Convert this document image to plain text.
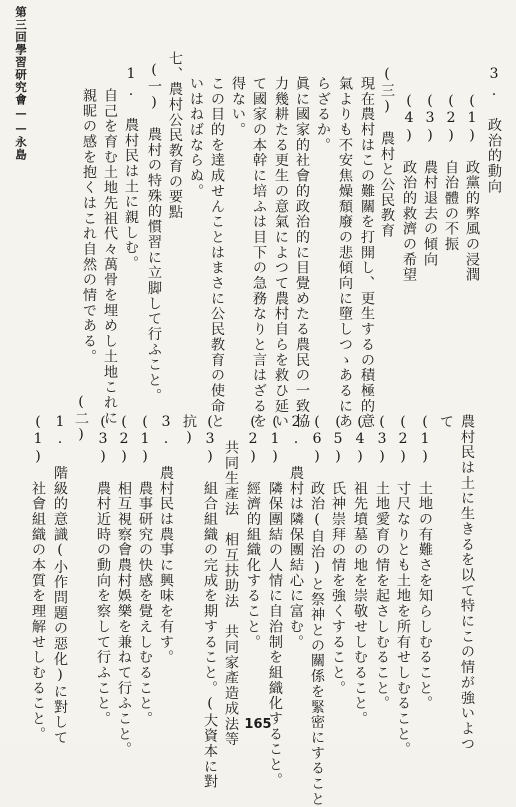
第三回學習研究會——永島	3. 政治的動向
(1)　政黨的弊風の浸潤
(2)　自治體の不振
(3)　農村退去の傾向
(4)　政治的救濟の希望
(三)　農村と公民教育
現在農村はこの難關を打開し、更生するの積極的意
氣よりも不安焦燥頹廢の悲傾向に墮しつゝあるにあ
らざるか。
眞に國家的社會的政治的に目覺めたる農民の一致協
力幾耕たる更生の意氣によつて農村自らを救ひ延い
て國家の本幹に培ふは目下の急務なりと言はざるを
得ない。
この目的を達成せんことはまさに公民教育の使命と
いはねばならぬ。
七、農村公民教育の要點
(一)　農村の特殊的慣習に立脚して行ふこと。
1. 農村民は土に親しむ。
自己を育む土地先祖代々萬骨を埋めし土地これに
親昵の感を抱くはこれ自然の情である。
農村民は土に生きるを以て特にこの情が強いよつ
て
(1)　土地の有難さを知らしむること。
(2)　寸尺なりとも土地を所有せしむること。
(3)　土地愛育の情を起さしむること。
(4)　祖先墳墓の地を崇敬せしむること。
(5)　氏神崇拜の情を強くすること。
(6)　政治(自治)と祭神との關係を緊密にすること
2. 農村は隣保團結心に富む。
(1)　隣保團結の人情に自治制を組織化すること。
(2)　經濟的組織化すること。
共同生產法　相互扶助法　共同家產造成法等
(3)　組合組織の完成を期すること。(大資本に對
抗)
3. 農村民は農事に興味を有す。
(1)　農事研究の快感を覺えしむること。
(2)　相互視察會農村娛樂を兼ねて行ふこと。
(3)　農村近時の動向を察して行ふこと。
(二)
1. 階級的意識(小作問題の惡化)に對して
(1)　社會組織の本質を理解せしむること。	165
